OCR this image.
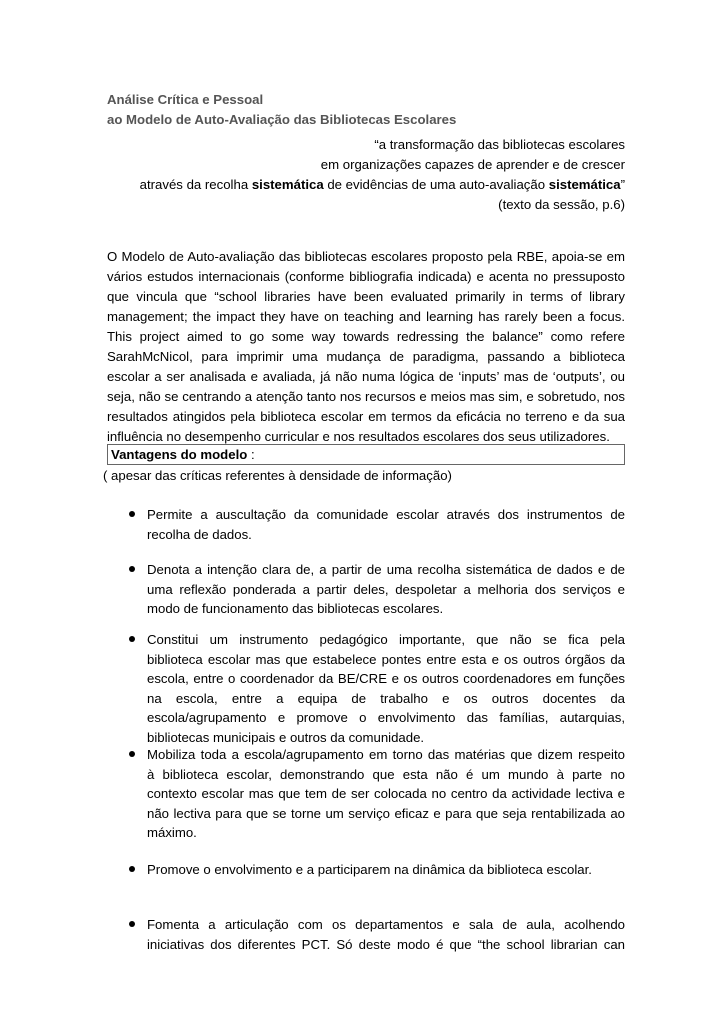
Análise Crítica e Pessoal
ao Modelo de Auto-Avaliação das Bibliotecas Escolares
“a transformação das bibliotecas escolares
em organizações capazes de aprender e de crescer
através da recolha sistemática de evidências de uma auto-avaliação sistemática”
(texto da sessão, p.6)
O Modelo de Auto-avaliação das bibliotecas escolares proposto pela RBE, apoia-se em
vários estudos internacionais (conforme bibliografia indicada) e acenta no pressuposto
que vincula que “school libraries have been evaluated primarily in terms of library
management; the impact they have on teaching and learning has rarely been a focus.
This project aimed to go some way towards redressing the balance” como refere
SarahMcNicol, para imprimir uma mudança de paradigma, passando a biblioteca
escolar a ser analisada e avaliada, já não numa lógica de ‘inputs’ mas de ‘outputs’, ou
seja, não se centrando a atenção tanto nos recursos e meios mas sim, e sobretudo, nos
resultados atingidos pela biblioteca escolar em termos da eficácia no terreno e da sua
influência no desempenho curricular e nos resultados escolares dos seus utilizadores.
Vantagens do modelo :
( apesar das críticas referentes à densidade de informação)
Permite a auscultação da comunidade escolar através dos instrumentos de
recolha de dados.
Denota a intenção clara de, a partir de uma recolha sistemática de dados e de
uma reflexão ponderada a partir deles, despoletar a melhoria dos serviços e
modo de funcionamento das bibliotecas escolares.
Constitui um instrumento pedagógico importante, que não se fica pela
biblioteca escolar mas que estabelece pontes entre esta e os outros órgãos da
escola, entre o coordenador da BE/CRE e os outros coordenadores em funções
na escola, entre a equipa de trabalho e os outros docentes da
escola/agrupamento e promove o envolvimento das famílias, autarquias,
bibliotecas municipais e outros da comunidade.
Mobiliza toda a escola/agrupamento em torno das matérias que dizem respeito
à biblioteca escolar, demonstrando que esta não é um mundo à parte no
contexto escolar mas que tem de ser colocada no centro da actividade lectiva e
não lectiva para que se torne um serviço eficaz e para que seja rentabilizada ao
máximo.
Promove o envolvimento e a participarem na dinâmica da biblioteca escolar.
Fomenta a articulação com os departamentos e sala de aula, acolhendo
iniciativas dos diferentes PCT. Só deste modo é que “the school librarian can
